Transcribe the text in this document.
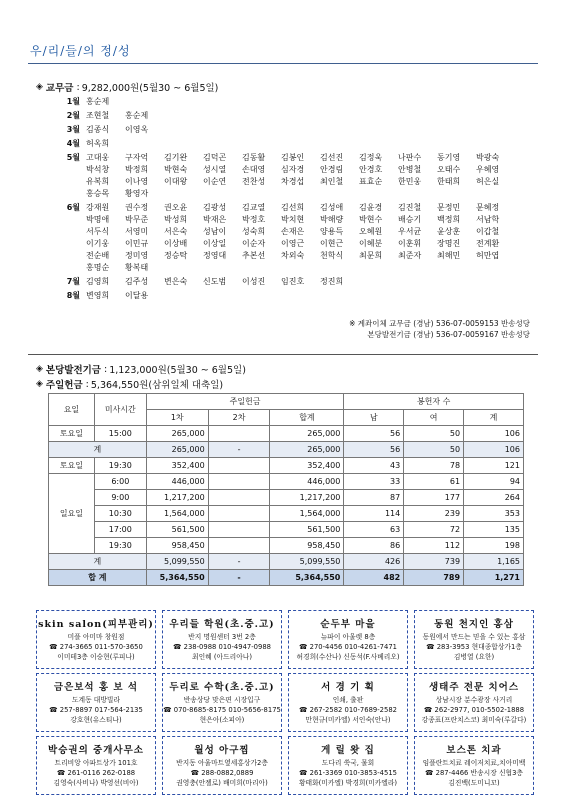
우/리/들/의 정/성
◈ 교무금 : 9,282,000원(5월30 ~ 6월5일)
1월 홍순제
2월 조현철	홍순제
3월 김종식	이영옥
4월 허옥희
5월 고대웅	구자억	김기완	김덕곤	김동활	김봉인	김선진	김정욱	나판수	동기영	박광숙
박석창	박정희	박현숙	성시열	손대영	심자경	안경림	안경호	안병철	오태수	우혜영
유복희	이나영	이대왕	이순연	전찬성	차경섭	최인철	표효순	한민웅	한태희	허은실
홍승목	황영자
6월 강재원	권수정	권오윤	김광성	김교열	김선희	김성애	김윤경	김진철	문정민	문혜정
박명애	박무준	박성희	박재은	박정호	박치현	박해량	박현수	배승기	백정희	서남학
서두식	서영미	서은숙	성남이	성숙희	손재은	양용득	오혜원	우서균	윤상훈	이갑철
이기웅	이민규	이상배	이상일	이순자	이영근	이현근	이혜분	이훈휘	장명진	전계환
전순배	정미영	정승탁	정영대	추본선	차외숙	천학식	최문희	최준자	최해민	허만엽
홍명순	황복태
7월 김영희	김주성	변은숙	신도범	이성진	임진호	정진희
8월 변영희	이달용
※ 계좌이체 교무금 (경남) 536-07-0059153 반송성당
본당발전기금 (경남) 536-07-0059167 반송성당
◈ 본당발전기금 : 1,123,000원(5월30 ~ 6월5일)
◈ 주일헌금 : 5,364,550원(삼위일체 대축일)
요일	미사시간	주일헌금			봉헌자 수		
		1차	2차	합계	남	여	계
토요일	15:00	265,000		265,000	56	50	106
계		265,000	-	265,000	56	50	106
토요일	19:30	352,400		352,400	43	78	121
일요일	6:00	446,000		446,000	33	61	94
	9:00	1,217,200		1,217,200	87	177	264
	10:30	1,564,000		1,564,000	114	239	353
	17:00	561,500		561,500	63	72	135
	19:30	958,450		958,450	86	112	198
계		5,099,550	-	5,099,550	426	739	1,165
합 계		5,364,550	-	5,364,550	482	789	1,271
skin salon(피부관리)
미플 아미마 창원점
☎ 274-3665 011-570-3650
이미테3층 이승현(루피나)
우리들 학원(초.중.고)
반지 명원센터 3번 2층
☎ 238-0988 010-4947-0988
최인혜 (아드리아나)
순두부 마을
뉴파이 아울렛 8층
☎ 270-4456 010-4261-7471
허경희(수산나) 신동석(F.사베리오)
동원 천지인 홍삼
동원에서 만드는 믿을 수 있는 홍삼
☎ 283-3953 현대종합상가1층
김병열 (요한)
금은보석 홍 보 석
도계동 대방빌라
☎ 257-8897 017-564-2135
강호현(유스티나)
두리로 수학(초.중.고)
반송상당 맞은편 시장입구
☎ 070-8685-8175 010-5656-8175
현은아(소피아)
서 경 기 획
인쇄, 출판
☎ 267-2582 010-7689-2582
만현규(미카엘) 서인숙(안나)
생태주 전문 치어스
상남시장 분수광장 사거리
☎ 262-2977, 010-5502-1888
강종표(프란치스코) 최미숙(루갈다)
박승권의 중개사무소
트리비앙 아파트상가 101호
☎ 261-0116 262-0188
김영숙(사비나) 박영선(비아)
월성 아구찜
반지동 아울마트옆세홍상가2층
☎ 288-0882,0889
권영충(안젤로) 배미희(마리아)
게 릴 왓 집
도다리 쑥국, 물회
☎ 261-3369 010-3853-4515
황태화(미카엘) 박경희(미카엘라)
보스톤 치과
임플란트치료 레이저치료,치아미백
☎ 287-4466 반송시장 신협3층
김진백(도미니꼬)
